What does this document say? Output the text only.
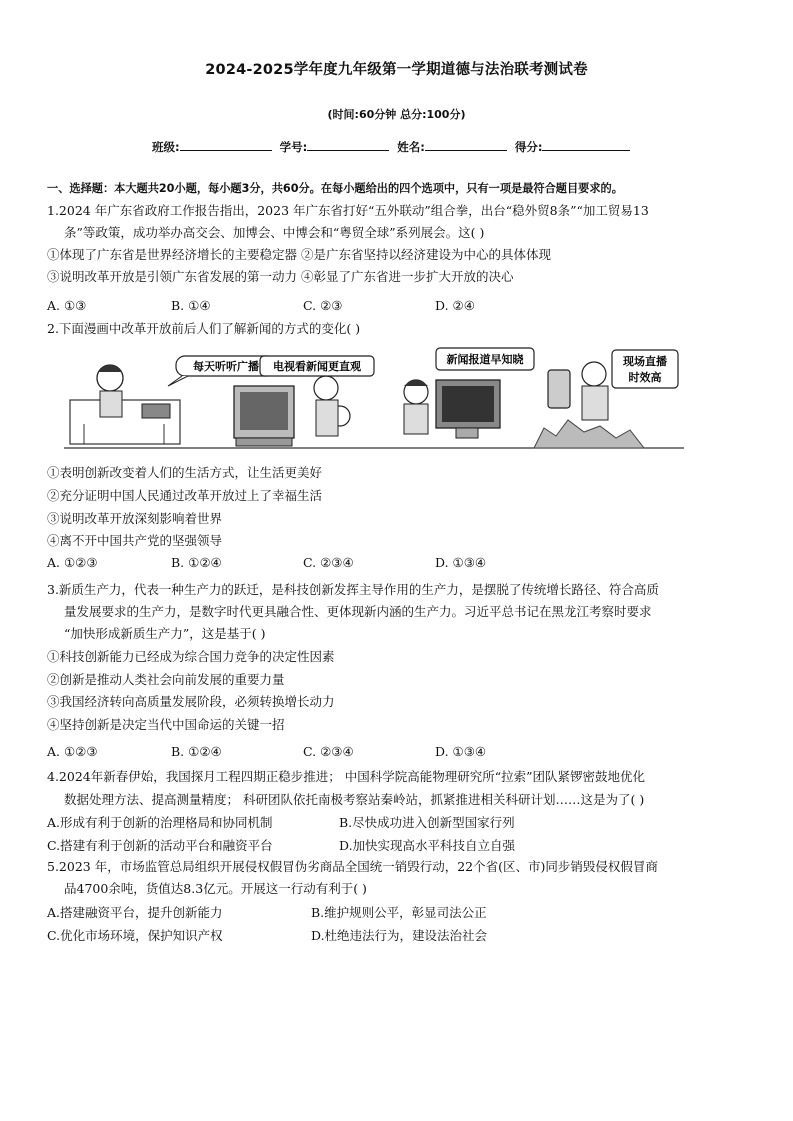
2024-2025学年度九年级第一学期道德与法治联考测试卷
(时间:60分钟 总分:100分)
班级:	学号:	姓名:	得分:
一、选择题：本大题共20小题，每小题3分，共60分。在每小题给出的四个选项中，只有一项是最符合题目要求的。
1.2024 年广东省政府工作报告指出，2023 年广东省打好“五外联动”组合拳，出台“稳外贸8条”“加工贸易13
条”等政策，成功举办高交会、加博会、中博会和“粤贸全球”系列展会。这( )
①体现了广东省是世界经济增长的主要稳定器 ②是广东省坚持以经济建设为中心的具体体现
③说明改革开放是引领广东省发展的第一动力 ④彰显了广东省进一步扩大开放的决心
A. ①③	B. ①④	C. ②③	D. ②④
2.下面漫画中改革开放前后人们了解新闻的方式的变化( )
每天听听广播 电视看新闻更直观
新闻报道早知晓	现场直播
时效高
①表明创新改变着人们的生活方式，让生活更美好
②充分证明中国人民通过改革开放过上了幸福生活
③说明改革开放深刻影响着世界
④离不开中国共产党的坚强领导
A. ①②③	B. ①②④	C. ②③④	D. ①③④
3.新质生产力，代表一种生产力的跃迁，是科技创新发挥主导作用的生产力，是摆脱了传统增长路径、符合高质
量发展要求的生产力，是数字时代更具融合性、更体现新内涵的生产力。习近平总书记在黑龙江考察时要求
“加快形成新质生产力”，这是基于( )
①科技创新能力已经成为综合国力竞争的决定性因素
②创新是推动人类社会向前发展的重要力量
③我国经济转向高质量发展阶段，必须转换增长动力
④坚持创新是决定当代中国命运的关键一招
A. ①②③	B. ①②④	C. ②③④	D. ①③④
4.2024年新春伊始，我国探月工程四期正稳步推进； 中国科学院高能物理研究所“拉索”团队紧锣密鼓地优化
数据处理方法、提高测量精度； 科研团队依托南极考察站秦岭站，抓紧推进相关科研计划……这是为了( )
A.形成有利于创新的治理格局和协同机制	B.尽快成功进入创新型国家行列
C.搭建有利于创新的活动平台和融资平台	D.加快实现高水平科技自立自强
5.2023 年，市场监管总局组织开展侵权假冒伪劣商品全国统一销毁行动，22个省(区、市)同步销毁侵权假冒商
品4700余吨，货值达8.3亿元。开展这一行动有利于( )
A.搭建融资平台，提升创新能力	B.维护规则公平，彰显司法公正
C.优化市场环境，保护知识产权	D.杜绝违法行为，建设法治社会
